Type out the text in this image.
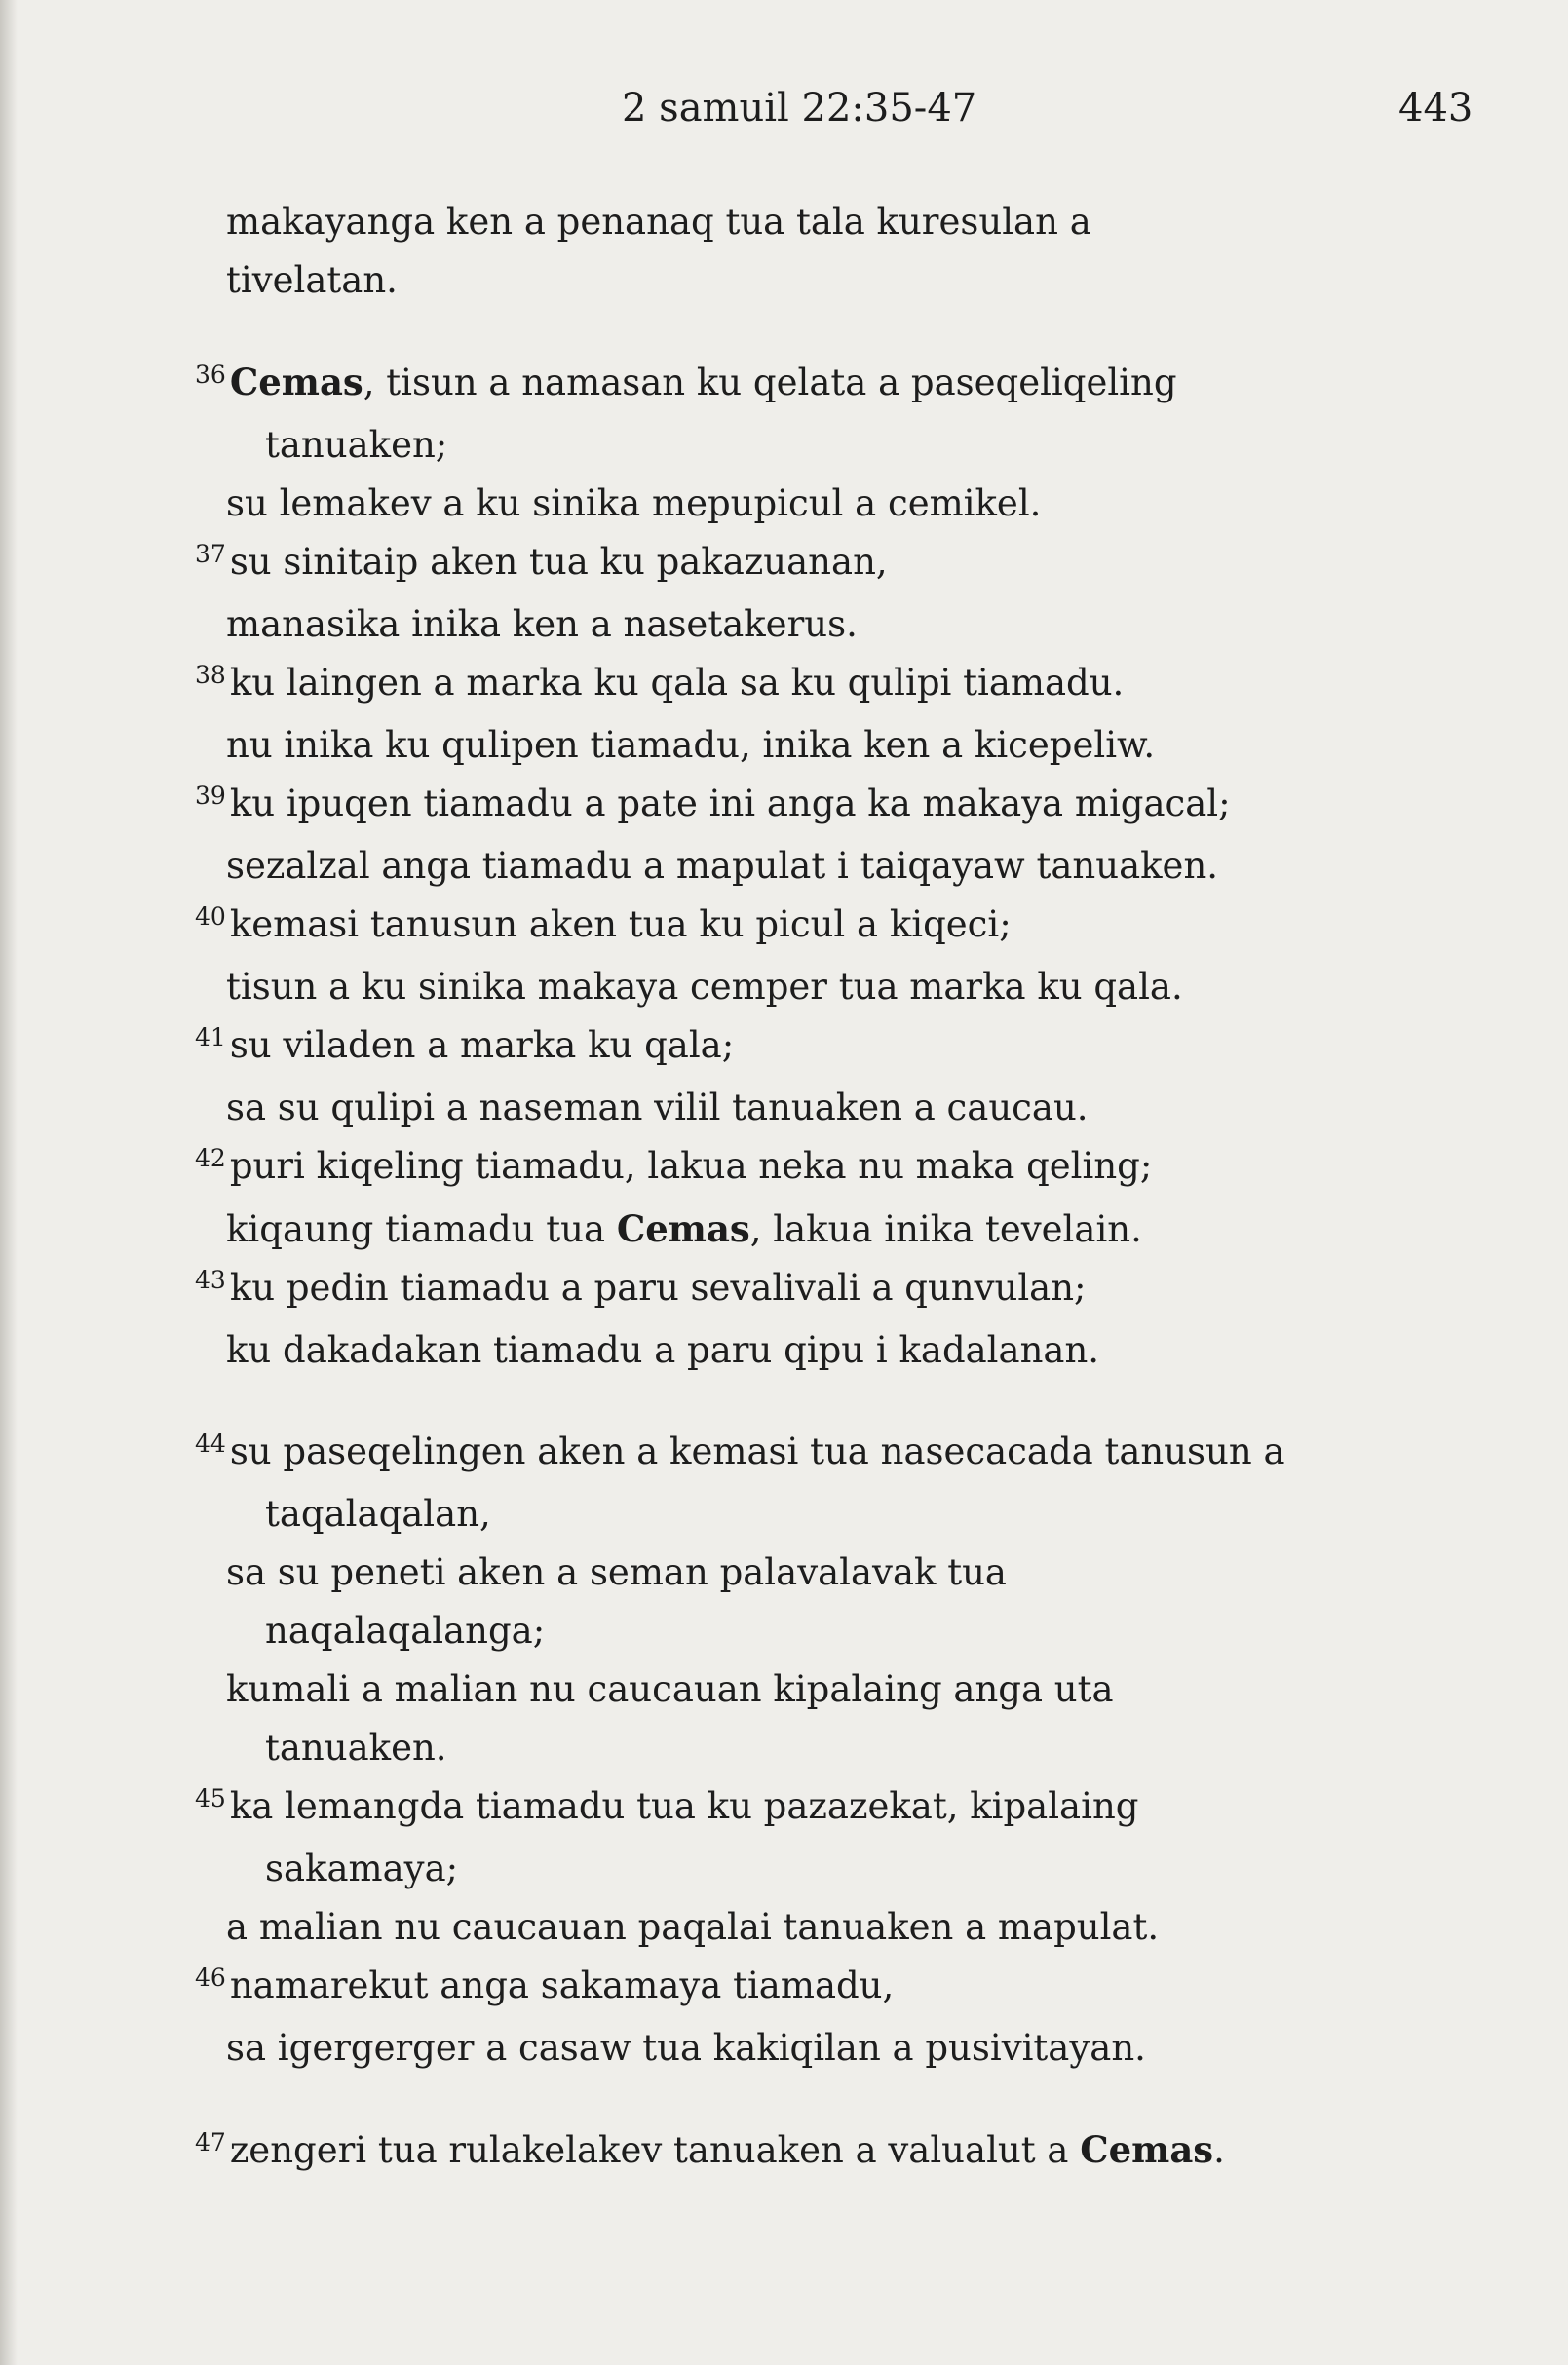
2 samuil 22:35-47	443
makayanga ken a penanaq tua tala kuresulan a
tivelatan.
$^{36}$ Cemas, tisun a namasan ku qelata a paseqeliqeling
tanuaken;
su lemakev a ku sinika mepupicul a cemikel.
$^{37}$ su sinitaip aken tua ku pakazuanan,
manasika inika ken a nasetakerus.
$^{38}$ ku laingen a marka ku qala sa ku qulipi tiamadu.
nu inika ku qulipen tiamadu, inika ken a kicepeliw.
$^{39}$ ku ipuqen tiamadu a pate ini anga ka makaya migacal;
sezalzal anga tiamadu a mapulat i taiqayaw tanuaken.
$^{40}$ kemasi tanusun aken tua ku picul a kiqeci;
tisun a ku sinika makaya cemper tua marka ku qala.
$^{41}$ su viladen a marka ku qala;
sa su qulipi a naseman vilil tanuaken a caucau.
$^{42}$ puri kiqeling tiamadu, lakua neka nu maka qeling;
kiqaung tiamadu tua Cemas, lakua inika tevelain.
$^{43}$ ku pedin tiamadu a paru sevalivali a qunvulan;
ku dakadakan tiamadu a paru qipu i kadalanan.
$^{44}$ su paseqelingen aken a kemasi tua nasecacada tanusun a
taqalaqalan,
sa su peneti aken a seman palavalavak tua
naqalaqalanga;
kumali a malian nu caucauan kipalaing anga uta
tanuaken.
$^{45}$ ka lemangda tiamadu tua ku pazazekat, kipalaing
sakamaya;
a malian nu caucauan paqalai tanuaken a mapulat.
$^{46}$ namarekut anga sakamaya tiamadu,
sa igergerger a casaw tua kakiqilan a pusivitayan.
$^{47}$ zengeri tua rulakelakev tanuaken a valualut a Cemas.
